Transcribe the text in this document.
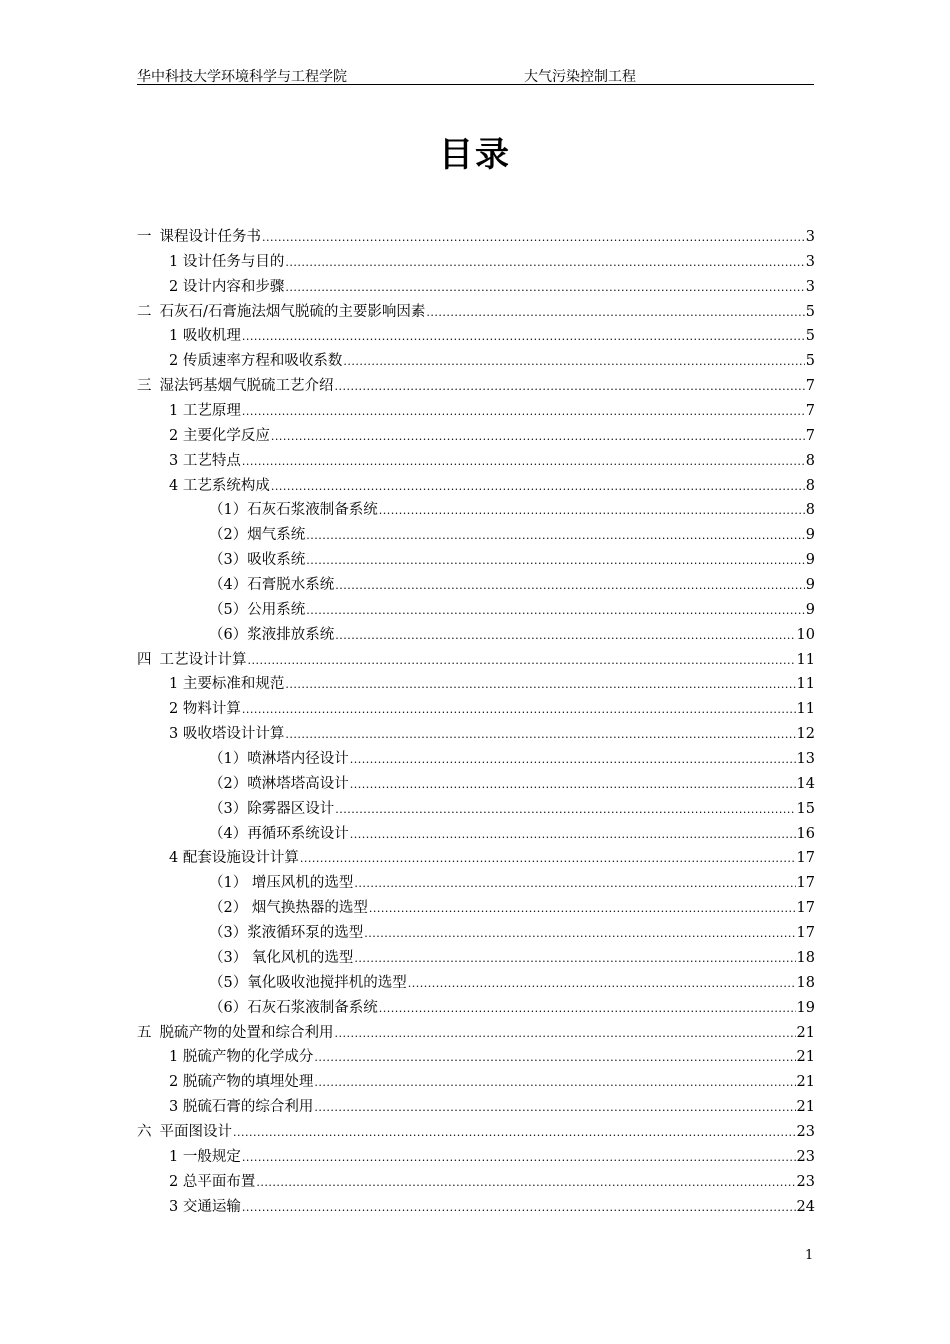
华中科技大学环境科学与工程学院	大气污染控制工程
目录
一 课程设计任务书 .....	3
1 设计任务与目的 .....	3
2 设计内容和步骤 .....	3
二 石灰石/石膏施法烟气脱硫的主要影响因素 .....	5
1 吸收机理 .....	5
2 传质速率方程和吸收系数 .....	5
三 湿法钙基烟气脱硫工艺介绍 .....	7
1 工艺原理 .....	7
2 主要化学反应 .....	7
3 工艺特点 .....	8
4 工艺系统构成 .....	8
（1）石灰石浆液制备系统 .....	8
（2）烟气系统 .....	9
（3）吸收系统 .....	9
（4）石膏脱水系统 .....	9
（5）公用系统 .....	9
（6）浆液排放系统 .....	10
四 工艺设计计算 .....	11
1 主要标准和规范 .....	11
2 物料计算 .....	11
3 吸收塔设计计算 .....	12
（1）喷淋塔内径设计 .....	13
（2）喷淋塔塔高设计 .....	14
（3）除雾器区设计 .....	15
（4）再循环系统设计 .....	16
4 配套设施设计计算 .....	17
（1） 增压风机的选型 .....	17
（2） 烟气换热器的选型 .....	17
（3）浆液循环泵的选型 .....	17
（3） 氧化风机的选型 .....	18
（5）氧化吸收池搅拌机的选型 .....	18
（6）石灰石浆液制备系统 .....	19
五 脱硫产物的处置和综合利用 .....	21
1 脱硫产物的化学成分 .....	21
2 脱硫产物的填埋处理 .....	21
3 脱硫石膏的综合利用 .....	21
六 平面图设计 .....	23
1 一般规定 .....	23
2 总平面布置 .....	23
3 交通运输 .....	24
1
